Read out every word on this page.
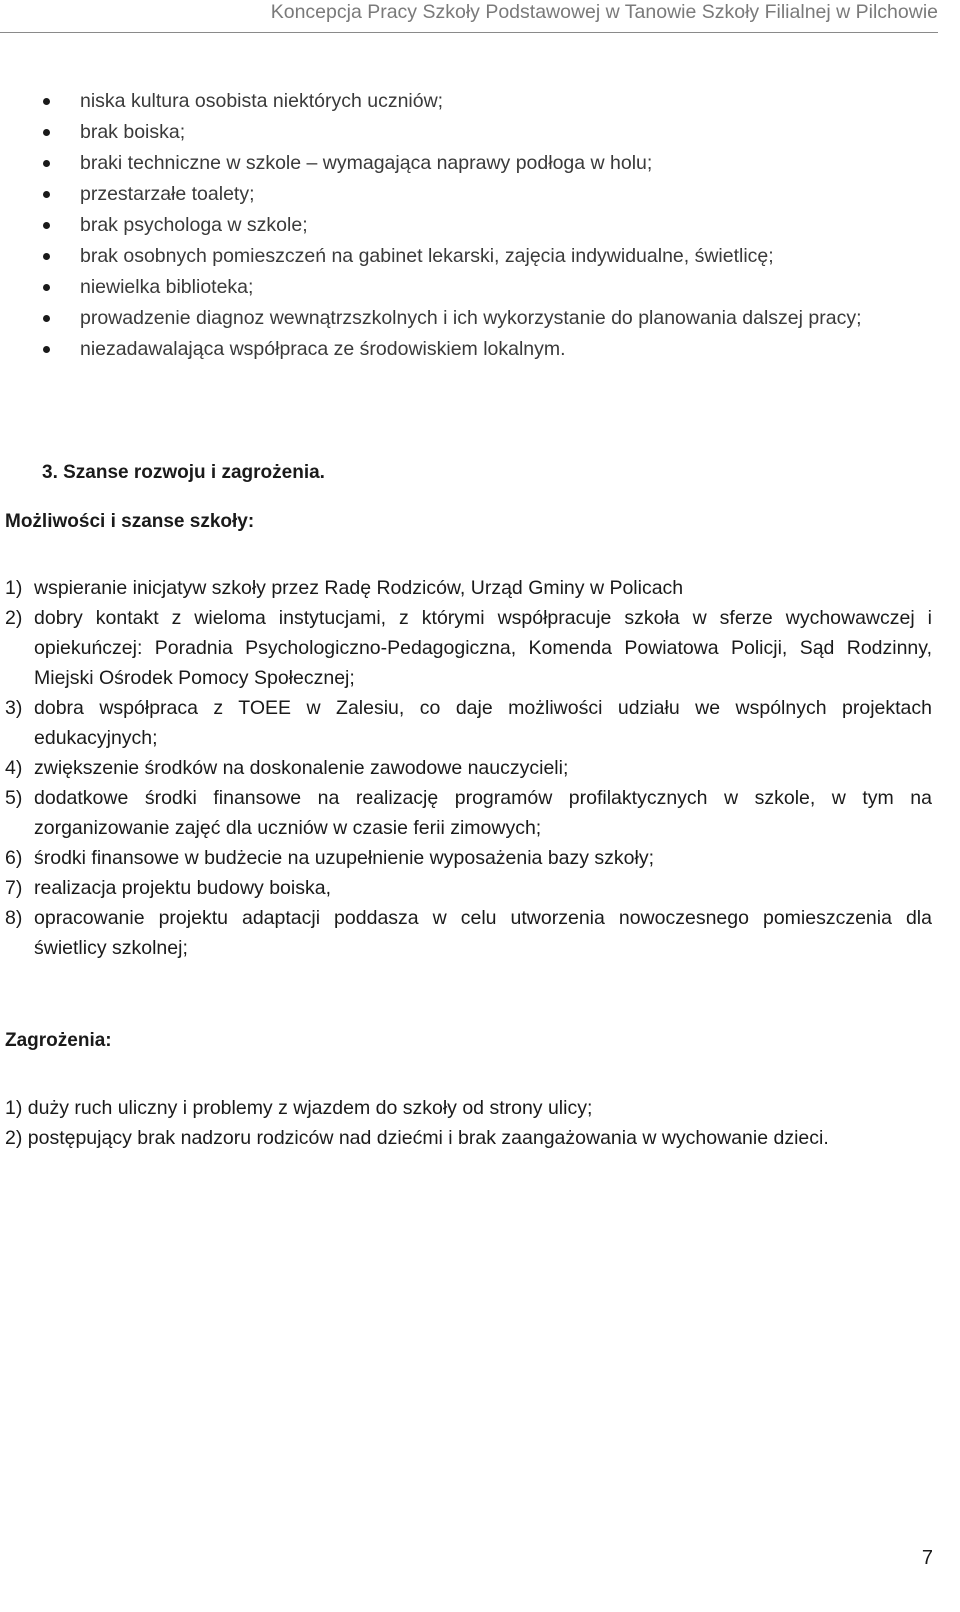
Koncepcja Pracy Szkoły Podstawowej w Tanowie Szkoły Filialnej w Pilchowie
niska kultura osobista niektórych uczniów;
brak boiska;
braki techniczne w szkole – wymagająca naprawy podłoga w holu;
przestarzałe toalety;
brak psychologa w szkole;
brak osobnych pomieszczeń na gabinet lekarski, zajęcia indywidualne, świetlicę;
niewielka biblioteka;
prowadzenie diagnoz wewnątrzszkolnych i ich wykorzystanie do planowania dalszej pracy;
niezadawalająca współpraca ze środowiskiem lokalnym.
3. Szanse rozwoju i zagrożenia.
Możliwości i szanse szkoły:
1) wspieranie inicjatyw szkoły przez Radę Rodziców, Urząd Gminy w Policach
2) dobry kontakt z wieloma instytucjami, z którymi współpracuje szkoła w sferze wychowawczej i opiekuńczej: Poradnia Psychologiczno-Pedagogiczna, Komenda Powiatowa Policji, Sąd Rodzinny, Miejski Ośrodek Pomocy Społecznej;
3) dobra współpraca z TOEE w Zalesiu, co daje możliwości udziału we wspólnych projektach edukacyjnych;
4) zwiększenie środków na doskonalenie zawodowe nauczycieli;
5) dodatkowe środki finansowe na realizację programów profilaktycznych w szkole, w tym na zorganizowanie zajęć dla uczniów w czasie ferii zimowych;
6) środki finansowe w budżecie na uzupełnienie wyposażenia bazy szkoły;
7) realizacja projektu budowy boiska,
8) opracowanie projektu adaptacji poddasza w celu utworzenia nowoczesnego pomieszczenia dla świetlicy szkolnej;
Zagrożenia:
1) duży ruch uliczny i problemy z wjazdem do szkoły od strony ulicy;
2) postępujący brak nadzoru rodziców nad dziećmi i brak zaangażowania w wychowanie dzieci.
7
